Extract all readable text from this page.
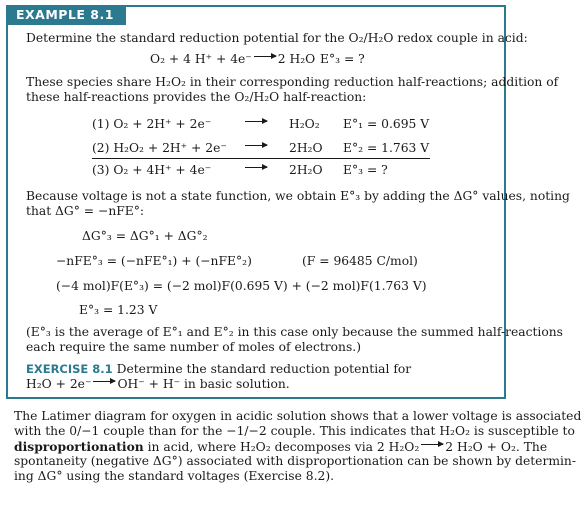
EXAMPLE 8.1
Determine the standard reduction potential for the O₂/H₂O redox couple in acid:
O₂ + 4 H⁺ + 4e⁻ 2 H₂O E°₃ = ?
These species share H₂O₂ in their corresponding reduction half-reactions; addition of
these half-reactions provides the O₂/H₂O half-reaction:
(1) O₂ + 2H⁺ + 2e⁻	H₂O₂ E°₁ = 0.695 V
(2) H₂O₂ + 2H⁺ + 2e⁻	2H₂O E°₂ = 1.763 V
(3) O₂ + 4H⁺ + 4e⁻	2H₂O E°₃ = ?
Because voltage is not a state function, we obtain E°₃ by adding the ΔG° values, noting
that ΔG° = −nFE°:
ΔG°₃ = ΔG°₁ + ΔG°₂
−nFE°₃ = (−nFE°₁) + (−nFE°₂)	(F = 96485 C/mol)
(−4 mol)F(E°₃) = (−2 mol)F(0.695 V) + (−2 mol)F(1.763 V)
E°₃ = 1.23 V
(E°₃ is the average of E°₁ and E°₂ in this case only because the summed half-reactions
each require the same number of moles of electrons.)
EXERCISE 8.1 Determine the standard reduction potential for
H₂O + 2e⁻ OH⁻ + H⁻ in basic solution.
The Latimer diagram for oxygen in acidic solution shows that a lower voltage is associated
with the 0/−1 couple than for the −1/−2 couple. This indicates that H₂O₂ is susceptible to
disproportionation in acid, where H₂O₂ decomposes via 2 H₂O₂ 2 H₂O + O₂. The
spontaneity (negative ΔG°) associated with disproportionation can be shown by determin-
ing ΔG° using the standard voltages (Exercise 8.2).
